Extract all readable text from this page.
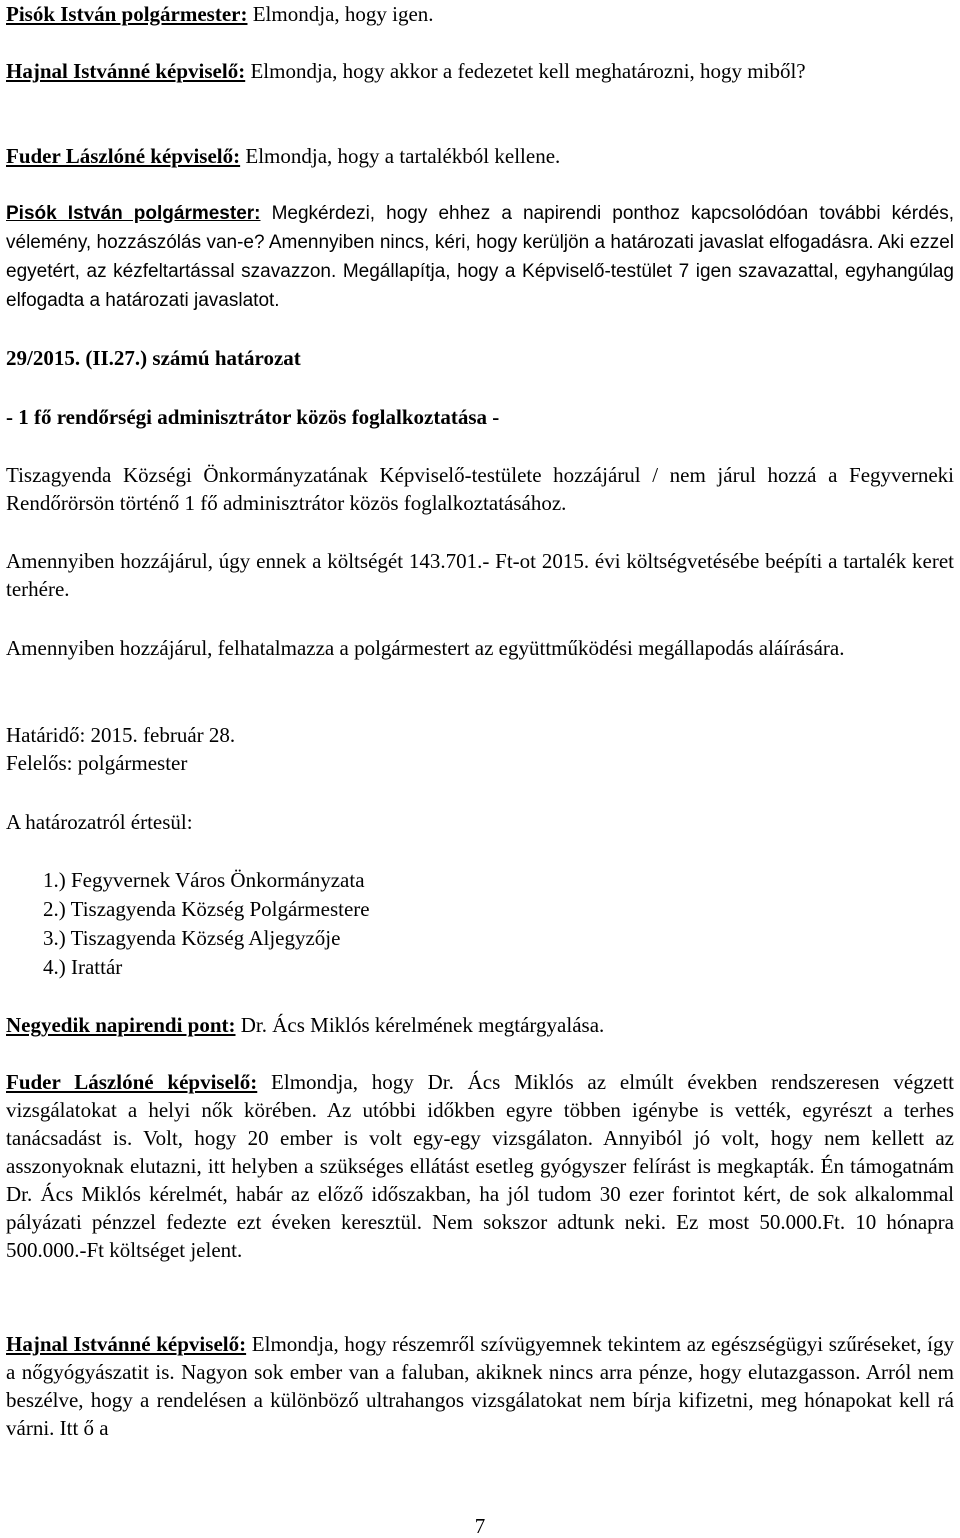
Pisók István polgármester: Elmondja, hogy igen.

Hajnal Istvánné képviselő: Elmondja, hogy akkor a fedezetet kell meghatározni, hogy miből?

Fuder Lászlóné képviselő: Elmondja, hogy a tartalékból kellene.

Pisók István polgármester: Megkérdezi, hogy ehhez a napirendi ponthoz kapcsolódóan további kérdés, vélemény, hozzászólás van-e? Amennyiben nincs, kéri, hogy kerüljön a határozati javaslat elfogadásra. Aki ezzel egyetért, az kézfeltartással szavazzon. Megállapítja, hogy a Képviselő-testület 7 igen szavazattal, egyhangúlag elfogadta a határozati javaslatot.

29/2015. (II.27.) számú határozat

- 1 fő rendőrségi adminisztrátor közös foglalkoztatása -

Tiszagyenda Községi Önkormányzatának Képviselő-testülete hozzájárul / nem járul hozzá a Fegyverneki Rendőrörsön történő 1 fő adminisztrátor közös foglalkoztatásához.

Amennyiben hozzájárul, úgy ennek a költségét 143.701.- Ft-ot 2015. évi költségvetésébe beépíti a tartalék keret terhére.

Amennyiben hozzájárul, felhatalmazza a polgármestert az együttműködési megállapodás aláírására.

Határidő: 2015. február 28.

Felelős: polgármester

A határozatról értesül:

1.) Fegyvernek Város Önkormányzata
2.) Tiszagyenda Község Polgármestere
3.) Tiszagyenda Község Aljegyzője
4.) Irattár

Negyedik napirendi pont: Dr. Ács Miklós kérelmének megtárgyalása.

Fuder Lászlóné képviselő: Elmondja, hogy Dr. Ács Miklós az elmúlt években rendszeresen végzett vizsgálatokat a helyi nők körében. Az utóbbi időkben egyre többen igénybe is vették, egyrészt a terhes tanácsadást is. Volt, hogy 20 ember is volt egy-egy vizsgálaton. Annyiból jó volt, hogy nem kellett az asszonyoknak elutazni, itt helyben a szükséges ellátást esetleg gyógyszer felírást is megkapták. Én támogatnám Dr. Ács Miklós kérelmét, habár az előző időszakban, ha jól tudom 30 ezer forintot kért, de sok alkalommal pályázati pénzzel fedezte ezt éveken keresztül. Nem sokszor adtunk neki. Ez most 50.000.Ft. 10 hónapra 500.000.-Ft költséget jelent.

Hajnal Istvánné képviselő: Elmondja, hogy részemről szívügyemnek tekintem az egészségügyi szűréseket, így a nőgyógyászatit is. Nagyon sok ember van a faluban, akiknek nincs arra pénze, hogy elutazgasson. Arról nem beszélve, hogy a rendelésen a különböző ultrahangos vizsgálatokat nem bírja kifizetni, meg hónapokat kell rá várni. Itt ő a

7
